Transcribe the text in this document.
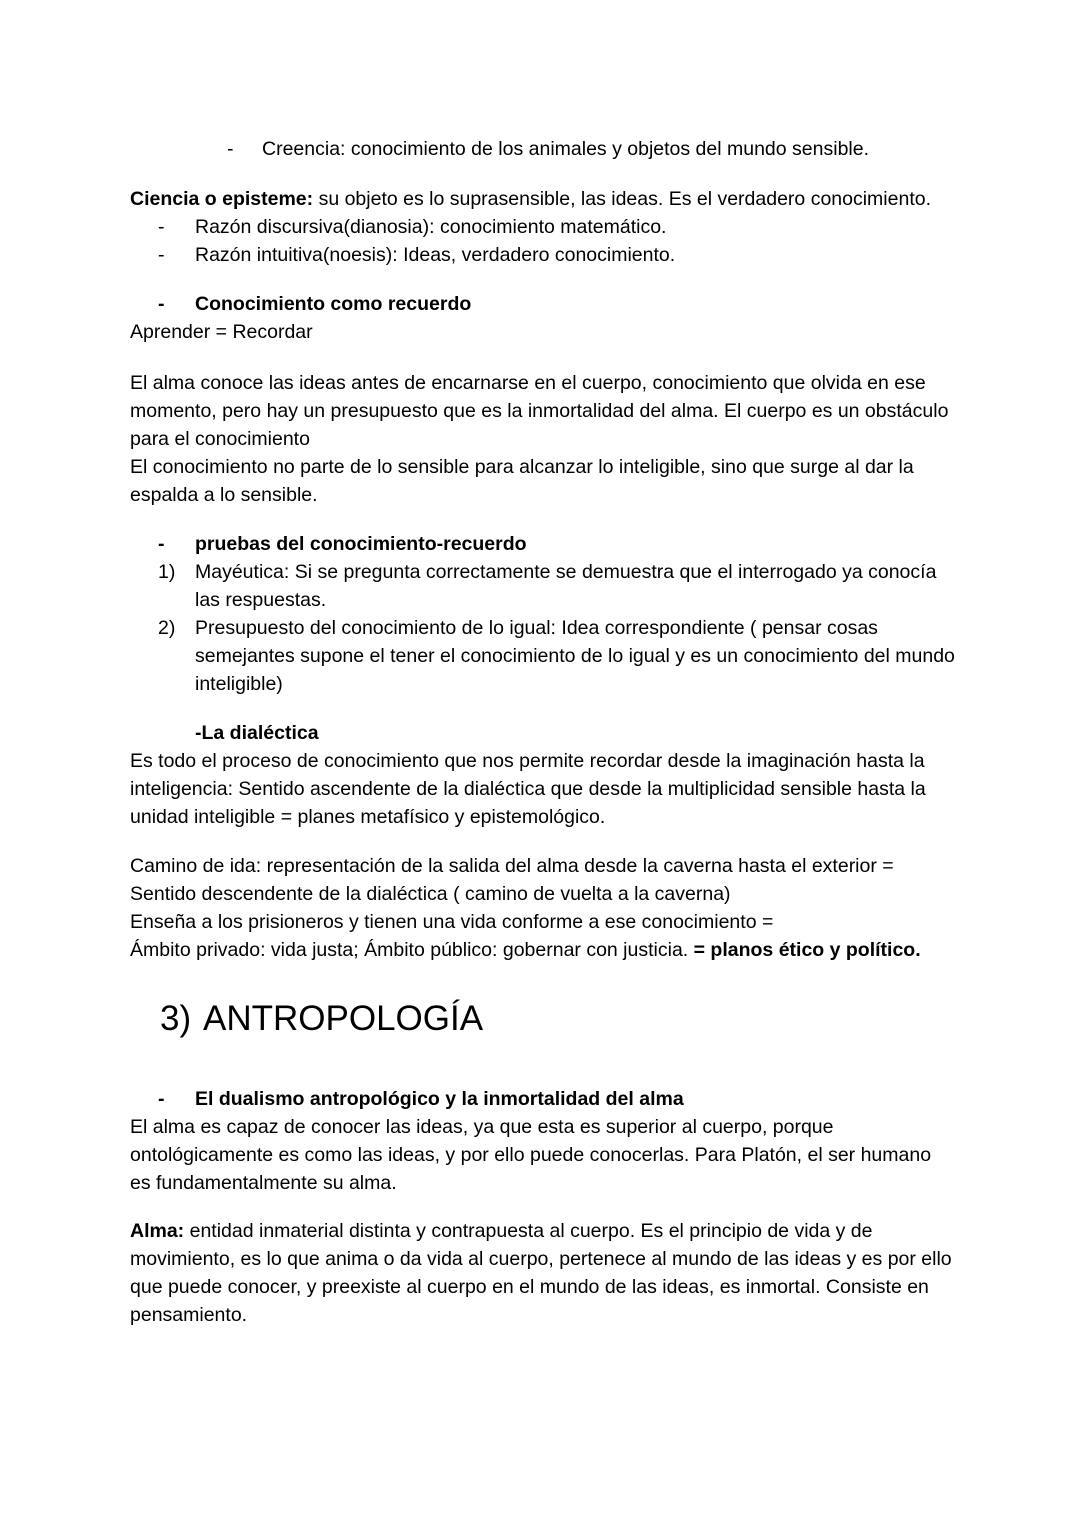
-	Creencia: conocimiento de los animales y objetos del mundo sensible.
Ciencia o episteme: su objeto es lo suprasensible, las ideas. Es el verdadero conocimiento.
-	Razón discursiva(dianosia): conocimiento matemático.
-	Razón intuitiva(noesis): Ideas, verdadero conocimiento.
-	Conocimiento como recuerdo
Aprender = Recordar
El alma conoce las ideas antes de encarnarse en el cuerpo, conocimiento que olvida en ese momento, pero hay un presupuesto que es la inmortalidad del alma. El cuerpo es un obstáculo para el conocimiento
El conocimiento no parte de lo sensible para alcanzar lo inteligible, sino que surge al dar la espalda a lo sensible.
-	pruebas del conocimiento-recuerdo
1)	Mayéutica: Si se pregunta correctamente se demuestra que el interrogado ya conocía las respuestas.
2)	Presupuesto del conocimiento de lo igual: Idea correspondiente ( pensar cosas semejantes supone el tener el conocimiento de lo igual y es un conocimiento del mundo inteligible)
-La dialéctica
Es todo el proceso de conocimiento que nos permite recordar desde la imaginación hasta la inteligencia: Sentido ascendente de la dialéctica que desde la multiplicidad sensible hasta la unidad inteligible = planes metafísico y epistemológico.
Camino de ida: representación de la salida del alma desde la caverna hasta el exterior = Sentido descendente de la dialéctica ( camino de vuelta a la caverna)
Enseña a los prisioneros y tienen una vida conforme a ese conocimiento =
Ámbito privado: vida justa; Ámbito público: gobernar con justicia. = planos ético y político.
3) ANTROPOLOGÍA
-	El dualismo antropológico y la inmortalidad del alma
El alma es capaz de conocer las ideas, ya que esta es superior al cuerpo, porque ontológicamente es como las ideas, y por ello puede conocerlas. Para Platón, el ser humano es fundamentalmente su alma.
Alma: entidad inmaterial distinta y contrapuesta al cuerpo. Es el principio de vida y de movimiento, es lo que anima o da vida al cuerpo, pertenece al mundo de las ideas y es por ello que puede conocer, y preexiste al cuerpo en el mundo de las ideas, es inmortal. Consiste en pensamiento.
